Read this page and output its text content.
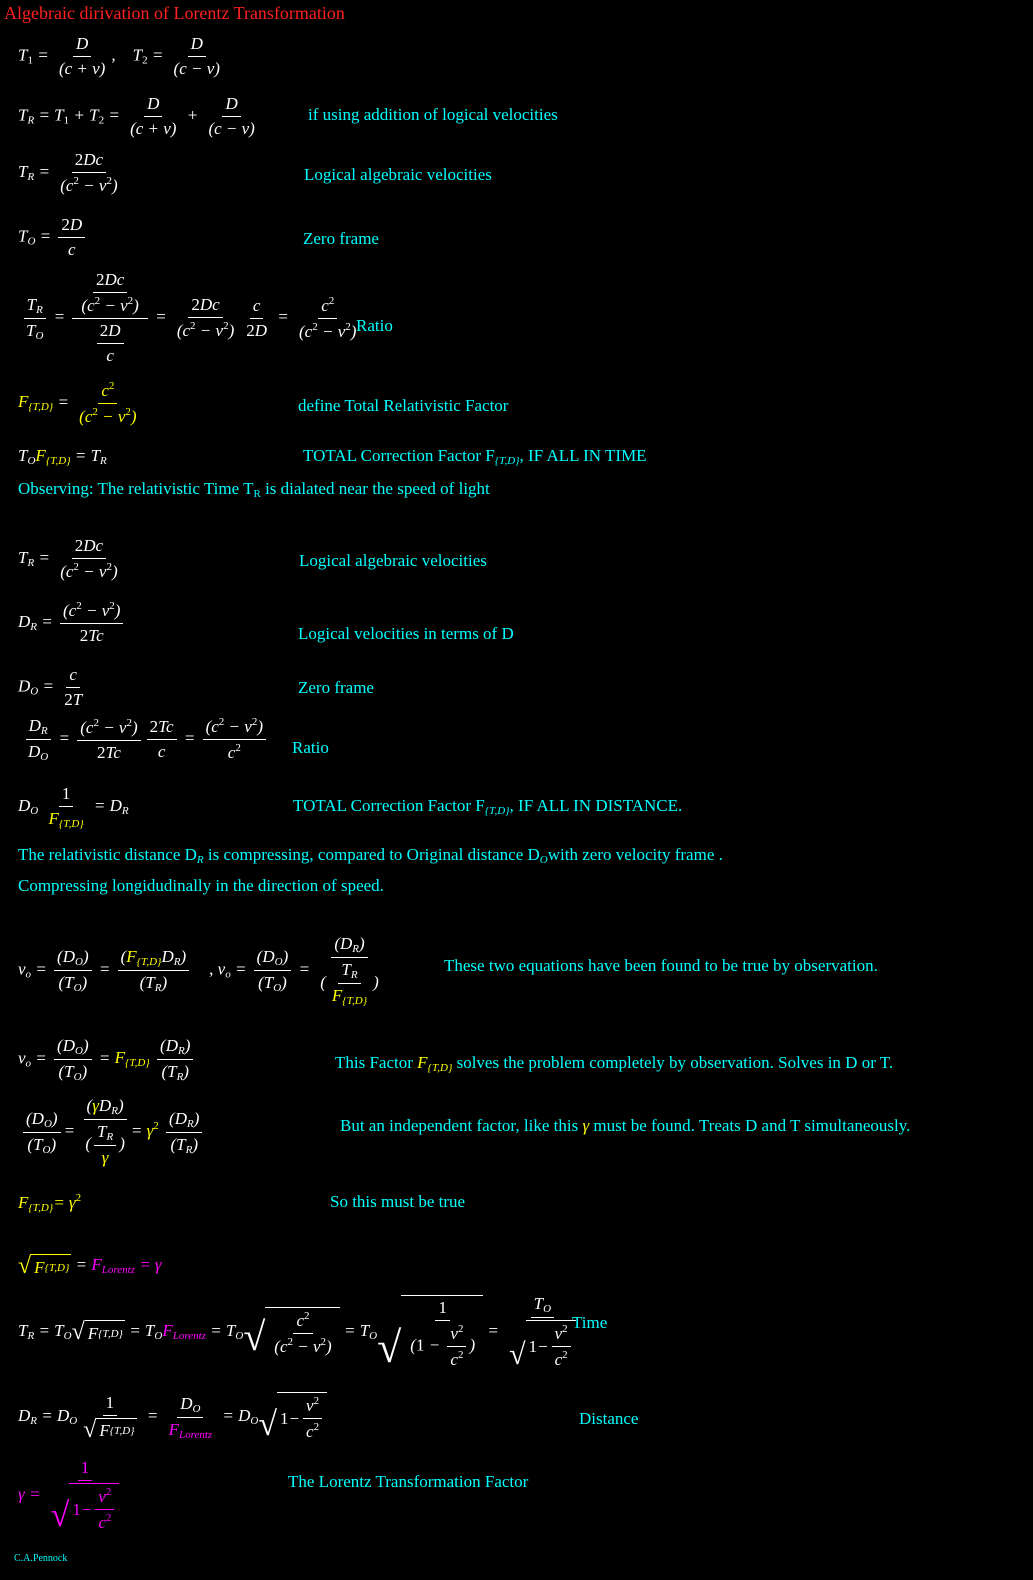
Algebraic dirivation of Lorentz Transformation
$T_1 = \frac{D}{(c + v)}$ ,    $T_2 = \frac{D}{(c - v)}$
$T_R = T_1 + T_2 = \frac{D}{(c + v)} + \frac{D}{(c - v)}$	if using addition of logical velocities
$T_R = \frac{2Dc}{(c^2 - v^2)}$	Logical algebraic velocities
$T_O = \frac{2D}{c}$	Zero frame
$\frac{T_R}{T_O} = \frac{\frac{2Dc}{(c^2 - v^2)}}{\frac{2D}{c}} = \frac{2Dc}{(c^2 - v^2)} \frac{c}{2D} = \frac{c^2}{(c^2 - v^2)}$
Ratio
$F_{\{T,D\}} = \frac{c^2}{(c^2 - v^2)}$	define Total Relativistic Factor
$T_OF_{\{T,D\}} = T_R$	TOTAL Correction Factor $F_{\{T,D\}}$, IF ALL IN TIME
Observing: The relativistic Time $T_R$ is dialated near the speed of light
$T_R = \frac{2Dc}{(c^2 - v^2)}$	Logical algebraic velocities
$D_R = \frac{(c^2 - v^2)}{2Tc}$	Logical velocities in terms of D
$D_O = \frac{c}{2T}$	Zero frame
$\frac{D_R}{D_O} = \frac{(c^2 - v^2)}{2Tc} \frac{2Tc}{c} = \frac{(c^2 - v^2)}{c^2}$ Ratio
$D_O \frac{1}{F_{\{T,D\}}} = D_R$	TOTAL Correction Factor $F_{\{T,D\}}$, IF ALL IN DISTANCE.
The relativistic distance $D_R$ is compressing, compared to Original distance $D_Owith$ zero velocity frame .
Compressing longidudinally in the direction of speed.
$v_o = \frac{(D_O)}{(T_O)} = \frac{(F_{\{T,D\}}D_R)}{(T_R)}$ , $v_o = \frac{(D_O)}{(T_O)} = \frac{(D_R)}{( \frac{T_R}{F_{\{T,D\}}} )}$	These two equations have been found to be true by observation.
$v_o = \frac{(D_O)}{(T_O)} = F_{\{T,D\}} \frac{(D_R)}{(T_R)}$	This Factor $F_{\{T,D\}}$ solves the problem completely by observation. Solves in D or T.
$\frac{(D_O)}{(T_O)} = \frac{(\gamma D_R)}{( \frac{T_R}{\gamma} )} = \gamma^2 \frac{(D_R)}{(T_R)}$	But an independent factor, like this γ must be found. Treats D and T simultaneously.
$F_{\{T,D\}}= \gamma^2$	So this must be true
√ F $\{T,D\} = F_{Lorentz} = \gamma$
$T_R = T_O$ √ F $\{T,D\} = T_OF_{Lorentz} = T_O$ √ $\frac{c^2}{(c^2 - v^2)} = T_O$ √ $\frac{1}{(1 - \frac{v^2}{c^2} )} = \frac{T_O}{√ 1 - \frac{v^2}{c^2}}$
Time
$D_R = D_O \frac{1}{√ F \{T,D\}} = \frac{D_O}{F_{Lorentz}} = D_O$ √ $1 - \frac{v^2}{c^2}$	Distance
$\gamma = \frac{1}{√ 1 - \frac{v^2}{c^2}}$	The Lorentz Transformation Factor
C.A.Pennock
